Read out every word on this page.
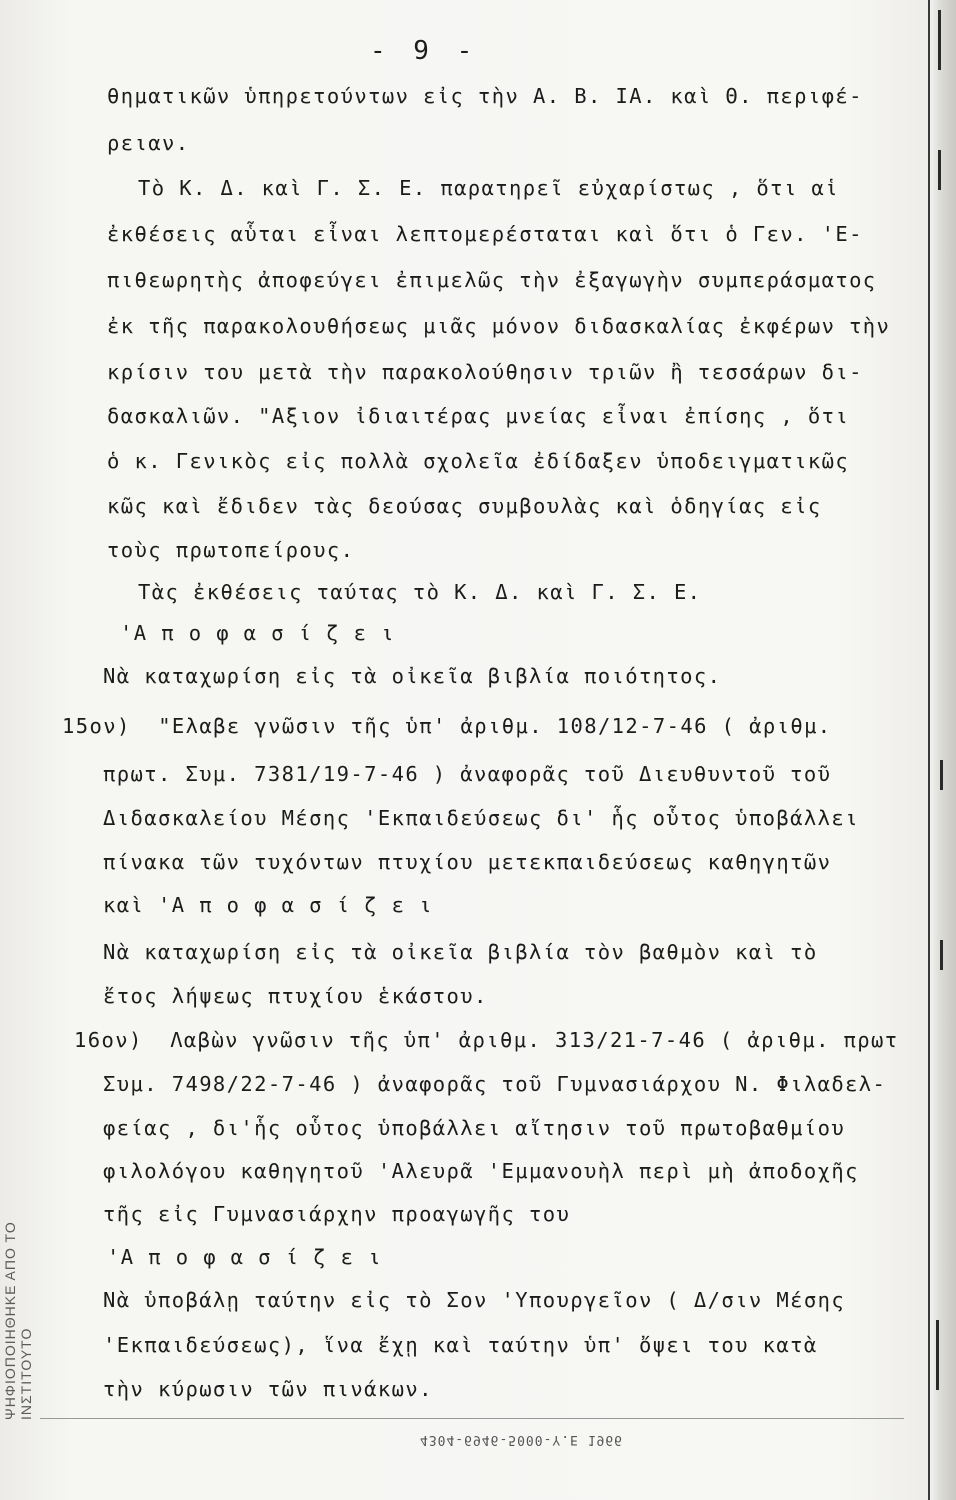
- 9 -
θηματικῶν ὑπηρετούντων εἰς τὴν Α. Β. ΙΑ. καὶ Θ. περιφέ-
ρειαν.
Τὸ Κ. Δ. καὶ Γ. Σ. Ε. παρατηρεῖ εὐχαρίστως , ὅτι αἱ
ἐκθέσεις αὗται εἶναι λεπτομερέσταται καὶ ὅτι ὁ Γεν. 'Ε-
πιθεωρητὴς ἀποφεύγει ἐπιμελῶς τὴν ἐξαγωγὴν συμπεράσματος
ἐκ τῆς παρακολουθήσεως μιᾶς μόνον διδασκαλίας ἐκφέρων τὴν
κρίσιν του μετὰ τὴν παρακολούθησιν τριῶν ἢ τεσσάρων δι-
δασκαλιῶν. "Αξιον ἰδιαιτέρας μνείας εἶναι ἐπίσης , ὅτι
ὁ κ. Γενικὸς εἰς πολλὰ σχολεῖα ἐδίδαξεν ὑποδειγματικῶς
κῶς καὶ ἔδιδεν τὰς δεούσας συμβουλὰς καὶ ὁδηγίας εἰς
τοὺς πρωτοπείρους.
Τὰς ἐκθέσεις ταύτας τὸ Κ. Δ. καὶ Γ. Σ. Ε.
'Α π ο φ α σ ί ζ ε ι
Νὰ καταχωρίση εἰς τὰ οἰκεῖα βιβλία ποιότητος.
15ον)  "Ελαβε γνῶσιν τῆς ὑπ' ἀριθμ. 108/12-7-46 ( ἀριθμ.
πρωτ. Συμ. 7381/19-7-46 ) ἀναφορᾶς τοῦ Διευθυντοῦ τοῦ
Διδασκαλείου Μέσης 'Εκπαιδεύσεως δι' ἧς οὗτος ὑποβάλλει
πίνακα τῶν τυχόντων πτυχίου μετεκπαιδεύσεως καθηγητῶν
καὶ 'Α π ο φ α σ ί ζ ε ι
Νὰ καταχωρίση εἰς τὰ οἰκεῖα βιβλία τὸν βαθμὸν καὶ τὸ
ἔτος λήψεως πτυχίου ἑκάστου.
16ον)  Λαβὼν γνῶσιν τῆς ὑπ' ἀριθμ. 313/21-7-46 ( ἀριθμ. πρωτ
Συμ. 7498/22-7-46 ) ἀναφορᾶς τοῦ Γυμνασιάρχου Ν. Φιλαδελ-
φείας , δι'ἧς οὗτος ὑποβάλλει αἴτησιν τοῦ πρωτοβαθμίου
φιλολόγου καθηγητοῦ 'Αλευρᾶ 'Εμμανουὴλ περὶ μὴ ἀποδοχῆς
τῆς εἰς Γυμνασιάρχην προαγωγῆς του
'Α π ο φ α σ ί ζ ε ι
Νὰ ὑποβάλῃ ταύτην εἰς τὸ Σον 'Υπουργεῖον ( Δ/σιν Μέσης
'Εκπαιδεύσεως), ἵνα ἔχῃ καὶ ταύτην ὑπ' ὄψει του κατὰ
τὴν κύρωσιν τῶν πινάκων.
4304-6946-5000-Υ.Ε 1966
ΨΗΦΙΟΠΟΙΗΘΗΚΕ ΑΠΟ ΤΟ ΙΝΣΤΙΤΟΥΤΟ
